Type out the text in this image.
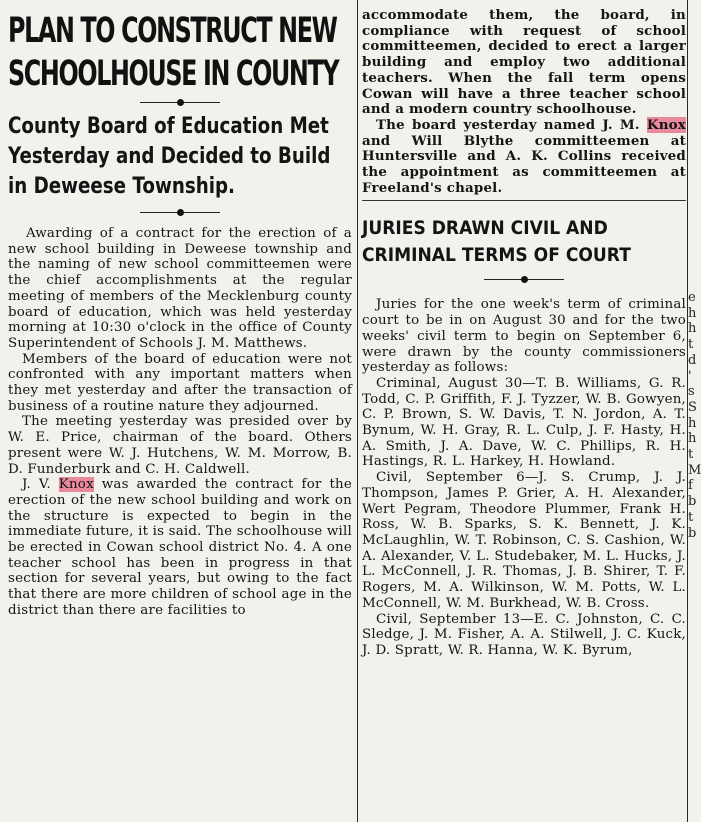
PLAN TO CONSTRUCT NEW SCHOOLHOUSE IN COUNTY
County Board of Education Met Yesterday and Decided to Build in Deweese Township.

Awarding of a contract for the erection of a new school building in Deweese township and the naming of new school committeemen were the chief accomplishments at the regular meeting of members of the Mecklenburg county board of education, which was held yesterday morning at 10:30 o'clock in the office of County Superintendent of Schools J. M. Matthews.

Members of the board of education were not confronted with any important matters when they met yesterday and after the transaction of business of a routine nature they adjourned.

The meeting yesterday was presided over by W. E. Price, chairman of the board. Others present were W. J. Hutchens, W. M. Morrow, B. D. Funderburk and C. H. Caldwell.

J. V. Knox was awarded the contract for the erection of the new school building and work on the structure is expected to begin in the immediate future, it is said. The schoolhouse will be erected in Cowan school district No. 4. A one teacher school has been in progress in that section for several years, but owing to the fact that there are more children of school age in the district than there are facilities to

accommodate them, the board, in compliance with request of school committeemen, decided to erect a larger building and employ two additional teachers. When the fall term opens Cowan will have a three teacher school and a modern country schoolhouse.

The board yesterday named J. M. Knox and Will Blythe committeemen at Huntersville and A. K. Collins received the appointment as committeemen at Freeland's chapel.

JURIES DRAWN CIVIL AND CRIMINAL TERMS OF COURT

Juries for the one week's term of criminal court to be in on August 30 and for the two weeks' civil term to begin on September 6, were drawn by the county commissioners yesterday as follows:

Criminal, August 30—T. B. Williams, G. R. Todd, C. P. Griffith, F. J. Tyzzer, W. B. Gowyen, C. P. Brown, S. W. Davis, T. N. Jordon, A. T. Bynum, W. H. Gray, R. L. Culp, J. F. Hasty, H. A. Smith, J. A. Dave, W. C. Phillips, R. H. Hastings, R. L. Harkey, H. Howland.

Civil, September 6—J. S. Crump, J. J. Thompson, James P. Grier, A. H. Alexander, Wert Pegram, Theodore Plummer, Frank H. Ross, W. B. Sparks, S. K. Bennett, J. K. McLaughlin, W. T. Robinson, C. S. Cashion, W. A. Alexander, V. L. Studebaker, M. L. Hucks, J. L. McConnell, J. R. Thomas, J. B. Shirer, T. F. Rogers, M. A. Wilkinson, W. M. Potts, W. L. McConnell, W. M. Burkhead, W. B. Cross.

Civil, September 13—E. C. Johnston, C. C. Sledge, J. M. Fisher, A. A. Stilwell, J. C. Kuck, J. D. Spratt, W. R. Hanna, W. K. Byrum,

e
h
h
t
d
'
s
S
h
h
t
M
f
b
t
b
